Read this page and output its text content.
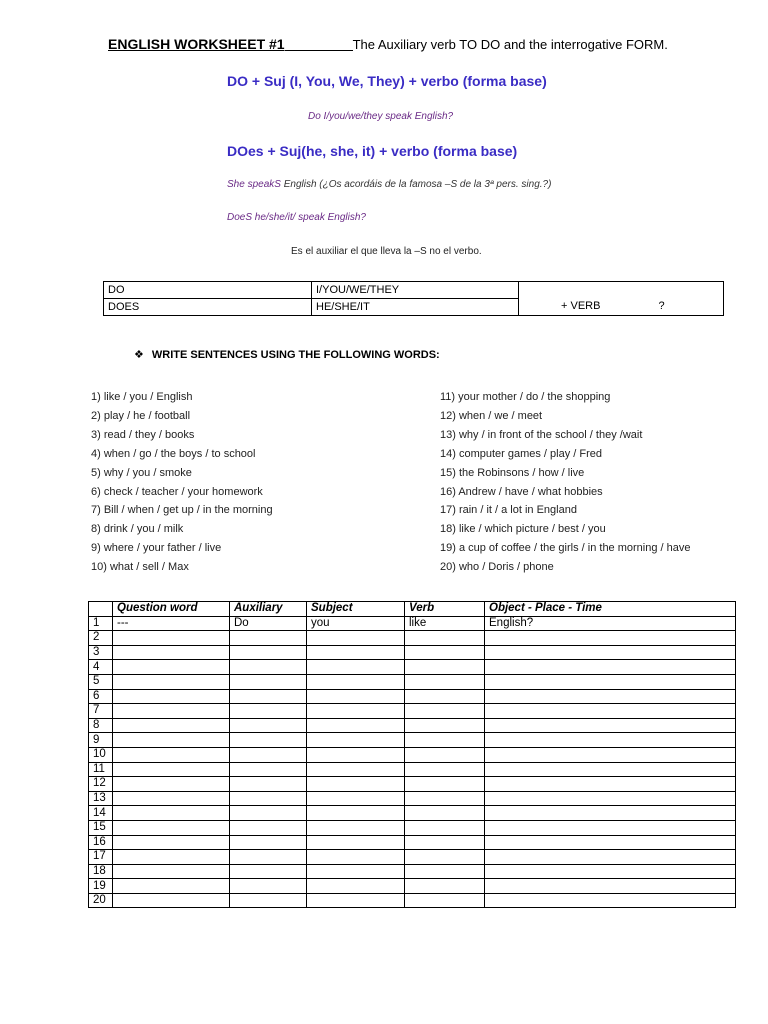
ENGLISH WORKSHEET #1	The Auxiliary verb TO DO and the interrogative FORM.
DO + Suj (I, You, We, They) + verbo (forma base)
Do I/you/we/they speak English?
DOes + Suj(he, she, it) + verbo (forma base)
She speakS English (¿Os acordáis de la famosa –S de la 3ª pers. sing.?)
DoeS he/she/it/ speak English?
Es el auxiliar el que lleva la –S no el verbo.
DO	I/YOU/WE/THEY	+ VERB ?
DOES	HE/SHE/IT	
❖ WRITE SENTENCES USING THE FOLLOWING WORDS:
1) like / you / English
2) play / he / football
3) read / they / books
4) when / go / the boys / to school
5) why / you / smoke
6) check / teacher / your homework
7) Bill / when / get up / in the morning
8) drink / you / milk
9) where / your father / live
10) what / sell / Max
11) your mother / do / the shopping
12) when / we / meet
13) why / in front of the school / they /wait
14) computer games / play / Fred
15) the Robinsons / how / live
16) Andrew / have / what hobbies
17) rain / it / a lot in England
18) like / which picture / best / you
19) a cup of coffee / the girls / in the morning / have
20) who / Doris / phone
	Question word	Auxiliary	Subject	Verb	Object - Place - Time
1	---	Do	you	like	English?
2					
3					
4					
5					
6					
7					
8					
9					
10					
11					
12					
13					
14					
15					
16					
17					
18					
19					
20					
